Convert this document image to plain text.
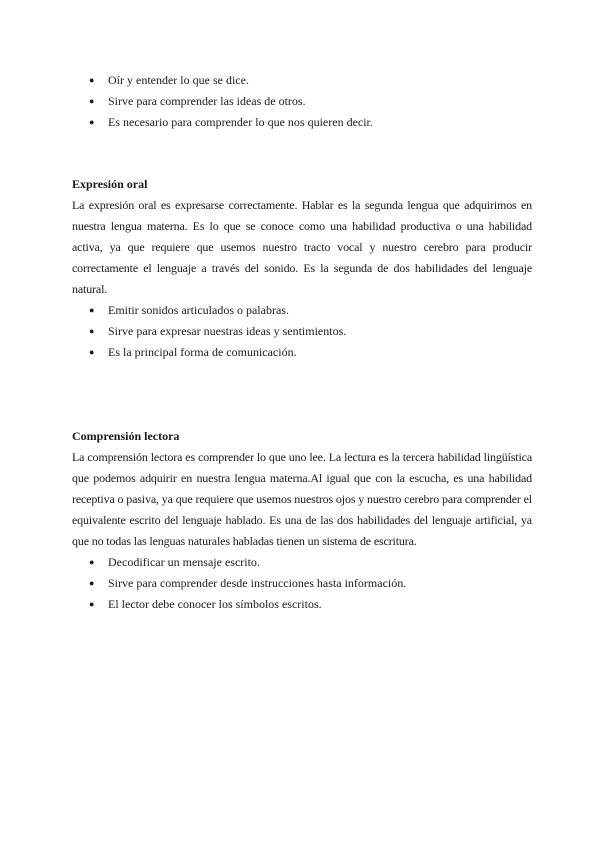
● Oír y entender lo que se dice.
● Sirve para comprender las ideas de otros.
● Es necesario para comprender lo que nos quieren decir.

Expresión oral

La expresión oral es expresarse correctamente. Hablar es la segunda lengua que adquirimos en nuestra lengua materna. Es lo que se conoce como una habilidad productiva o una habilidad activa, ya que requiere que usemos nuestro tracto vocal y nuestro cerebro para producir correctamente el lenguaje a través del sonido. Es la segunda de dos habilidades del lenguaje natural.

● Emitir sonidos articulados o palabras.
● Sirve para expresar nuestras ideas y sentimientos.
● Es la principal forma de comunicación.

Comprensión lectora

La comprensión lectora es comprender lo que uno lee. La lectura es la tercera habilidad lingüística que podemos adquirir en nuestra lengua materna.Al igual que con la escucha, es una habilidad receptiva o pasiva, ya que requiere que usemos nuestros ojos y nuestro cerebro para comprender el equivalente escrito del lenguaje hablado. Es una de las dos habilidades del lenguaje artificial, ya que no todas las lenguas naturales habladas tienen un sistema de escritura.

● Decodificar un mensaje escrito.
● Sirve para comprender desde instrucciones hasta información.
● El lector debe conocer los símbolos escritos.
